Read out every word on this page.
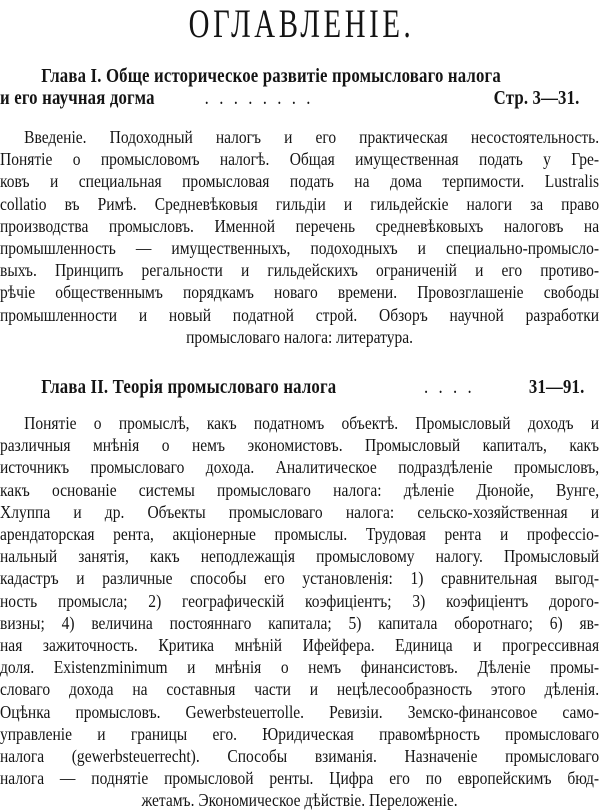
ОГЛАВЛЕНIЕ.
Глава I. Обще историческое развитiе промысловаго налога
и его научная догма	........	Стр. 3—31.
Введенiе. Подоходный налогъ и его практическая несостоятельность.
Понятiе о промысловомъ налогѣ. Общая имущественная подать у Гре-
ковъ и специальная промысловая подать на дома терпимости. Lustralis
collatio въ Римѣ. Средневѣковыя гильдiи и гильдейскiе налоги за право
производства промысловъ. Именной перечень средневѣковыхъ налоговъ на
промышленность — имущественныхъ, подоходныхъ и специально-промысло-
выхъ. Принципъ регальности и гильдейскихъ ограниченiй и его противо-
рѣчiе общественнымъ порядкамъ новаго времени. Провозглашенiе свободы
промышленности и новый податной строй. Обзоръ научной разработки
промысловаго налога: литература.
Глава II. Теорiя промысловаго налога	.... 31—91.
Понятiе о промыслѣ, какъ податномъ объектѣ. Промысловый доходъ и
различныя мнѣнiя о немъ экономистовъ. Промысловый капиталъ, какъ
источникъ промысловаго дохода. Аналитическое подраздѣленiе промысловъ,
какъ основанiе системы промысловаго налога: дѣленiе Дюнойе, Вунге,
Хлуппа и др. Объекты промысловаго налога: сельско-хозяйственная и
арендаторская рента, акцiонерные промыслы. Трудовая рента и профессiо-
нальный занятiя, какъ неподлежащiя промысловому налогу. Промысловый
кадастръ и различные способы его установленiя: 1) сравнительная выгод-
ность промысла; 2) географическiй коэфицiентъ; 3) коэфицiентъ дорого-
визны; 4) величина постояннаго капитала; 5) капитала оборотнаго; 6) яв-
ная зажиточность. Критика мнѣнiй Ифейфера. Единица и прогрессивная
доля. Existenzminimum и мнѣнiя о немъ финансистовъ. Дѣленiе промы-
словаго дохода на составныя части и нецѣлесообразность этого дѣленiя.
Оцѣнка промысловъ. Gewerbsteuerrolle. Ревизiи. Земско-финансовое само-
управленiе и границы его. Юридическая правомѣрность промысловаго
налога (gewerbsteuerrecht). Способы взиманiя. Назначенiе промысловаго
налога — поднятiе промысловой ренты. Цифра его по европейскимъ бюд-
жетамъ. Экономическое дѣйствiе. Переложенiе.
